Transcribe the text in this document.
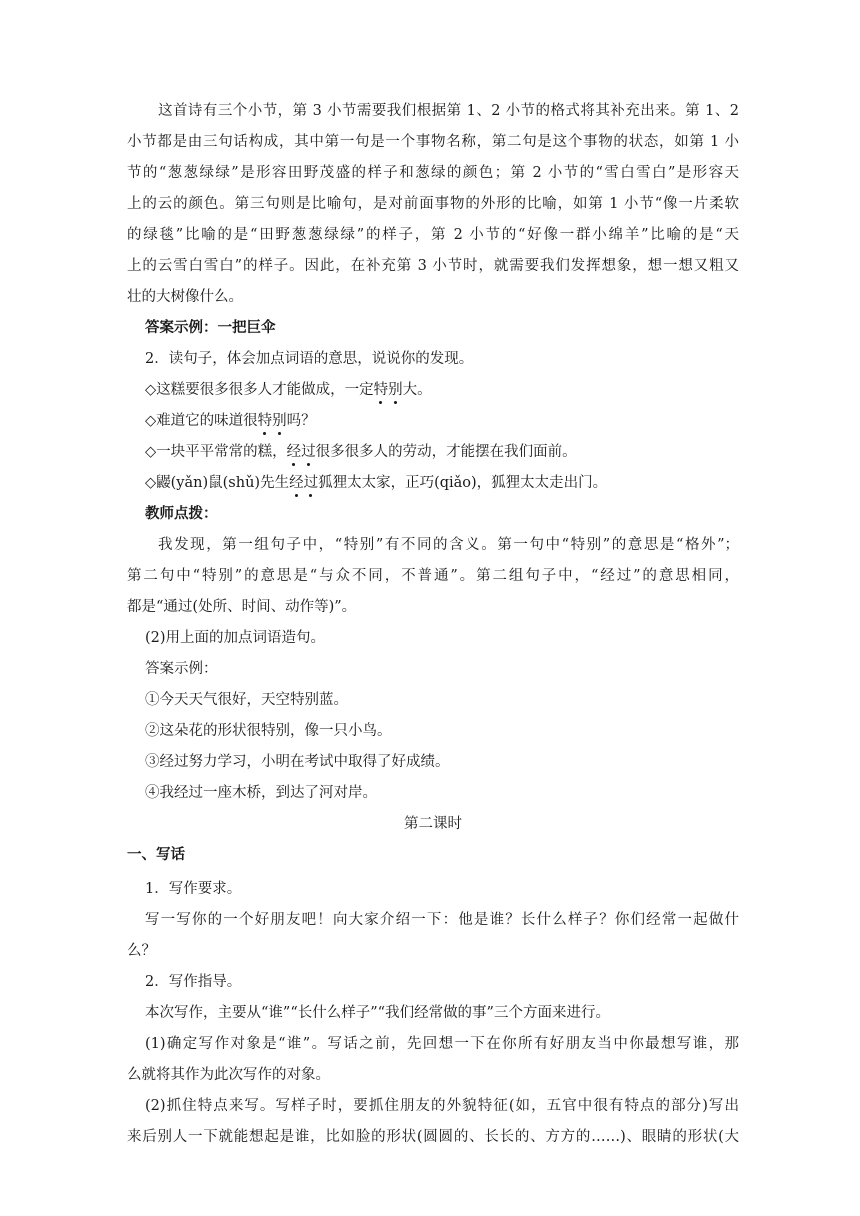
这首诗有三个小节，第 3 小节需要我们根据第 1、2 小节的格式将其补充出来。第 1、2
小节都是由三句话构成，其中第一句是一个事物名称，第二句是这个事物的状态，如第 1 小
节的“葱葱绿绿”是形容田野茂盛的样子和葱绿的颜色；第 2 小节的“雪白雪白”是形容天
上的云的颜色。第三句则是比喻句，是对前面事物的外形的比喻，如第 1 小节“像一片柔软
的绿毯”比喻的是“田野葱葱绿绿”的样子，第 2 小节的“好像一群小绵羊”比喻的是“天
上的云雪白雪白”的样子。因此，在补充第 3 小节时，就需要我们发挥想象，想一想又粗又
壮的大树像什么。
答案示例：一把巨伞
2．读句子，体会加点词语的意思，说说你的发现。
◇这糕要很多很多人才能做成，一定特别大。
◇难道它的味道很特别吗？
◇一块平平常常的糕，经过很多很多人的劳动，才能摆在我们面前。
◇鼹(yǎn)鼠(shǔ)先生经过狐狸太太家，正巧(qiǎo)，狐狸太太走出门。
教师点拨：
我发现，第一组句子中，“特别”有不同的含义。第一句中“特别”的意思是“格外”；
第二句中“特别”的意思是“与众不同，不普通”。第二组句子中，“经过”的意思相同，
都是“通过(处所、时间、动作等)”。
(2)用上面的加点词语造句。
答案示例：
①今天天气很好，天空特别蓝。
②这朵花的形状很特别，像一只小鸟。
③经过努力学习，小明在考试中取得了好成绩。
④我经过一座木桥，到达了河对岸。
第二课时
一、写话
1．写作要求。
写一写你的一个好朋友吧！向大家介绍一下：他是谁？长什么样子？你们经常一起做什
么？
2．写作指导。
本次写作，主要从“谁”“长什么样子”“我们经常做的事”三个方面来进行。
(1)确定写作对象是“谁”。写话之前，先回想一下在你所有好朋友当中你最想写谁，那
么就将其作为此次写作的对象。
(2)抓住特点来写。写样子时，要抓住朋友的外貌特征(如，五官中很有特点的部分)写出
来后别人一下就能想起是谁，比如脸的形状(圆圆的、长长的、方方的……)、眼睛的形状(大
